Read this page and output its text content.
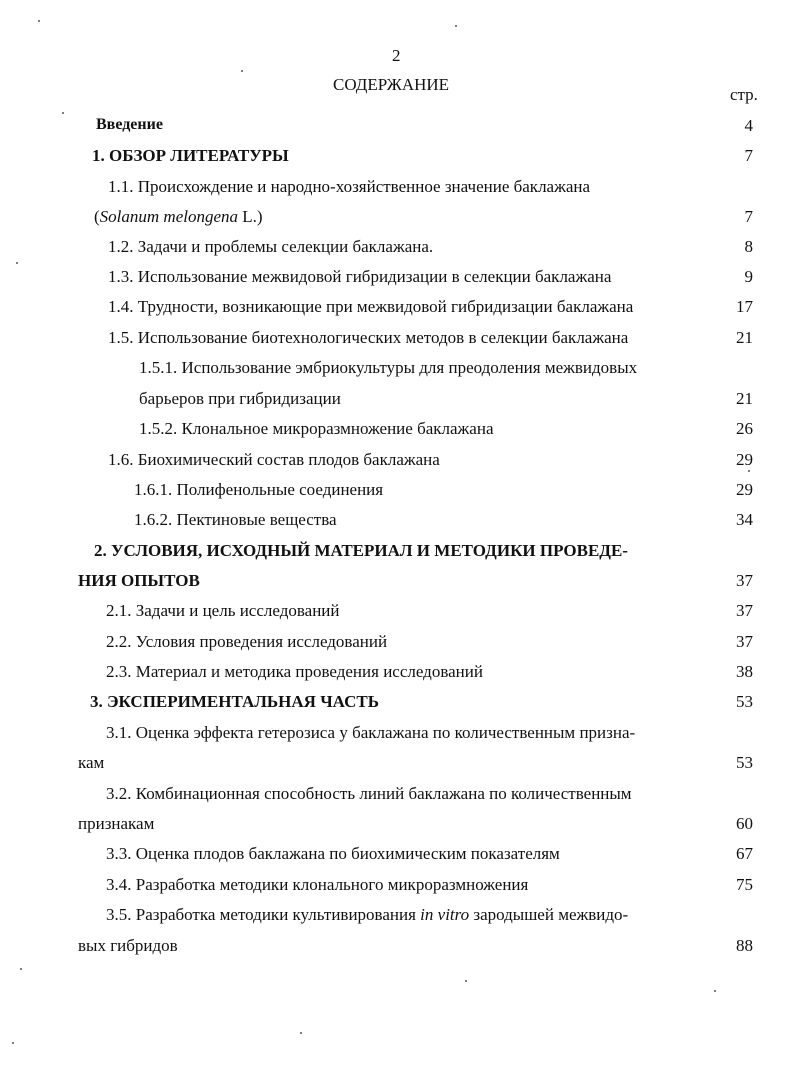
2
СОДЕРЖАНИЕ
стр.
Введение	4
1. ОБЗОР ЛИТЕРАТУРЫ	7
1.1. Происхождение и народно-хозяйственное значение баклажана
(Solanum melongena L.)	7
1.2. Задачи и проблемы селекции баклажана.	8
1.3. Использование межвидовой гибридизации в селекции баклажана	9
1.4. Трудности, возникающие при межвидовой гибридизации баклажана	17
1.5. Использование биотехнологических методов в селекции баклажана	21
1.5.1. Использование эмбриокультуры для преодоления межвидовых
барьеров при гибридизации	21
1.5.2. Клональное микроразмножение баклажана	26
1.6. Биохимический состав плодов баклажана	29
1.6.1. Полифенольные соединения	29
1.6.2. Пектиновые вещества	34
2. УСЛОВИЯ, ИСХОДНЫЙ МАТЕРИАЛ И МЕТОДИКИ ПРОВЕДЕ-
НИЯ ОПЫТОВ	37
2.1. Задачи и цель исследований	37
2.2. Условия проведения исследований	37
2.3. Материал и методика проведения исследований	38
3. ЭКСПЕРИМЕНТАЛЬНАЯ ЧАСТЬ	53
3.1. Оценка эффекта гетерозиса у баклажана по количественным призна-
кам	53
3.2. Комбинационная способность линий баклажана по количественным
признакам	60
3.3. Оценка плодов баклажана по биохимическим показателям	67
3.4. Разработка методики клонального микроразмножения	75
3.5. Разработка методики культивирования in vitro зародышей межвидо-
вых гибридов	88
